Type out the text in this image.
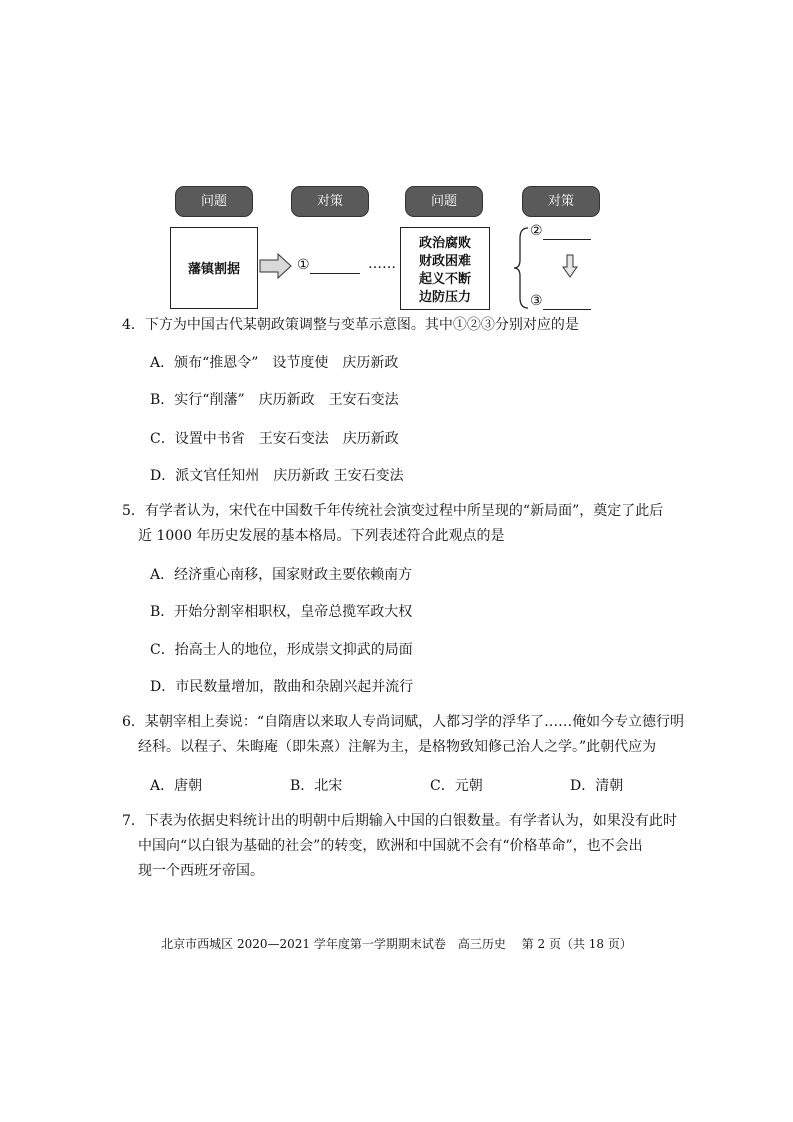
问题	对策	问题	对策
藩镇割据	①	……
政治腐败
财政困难
起义不断
边防压力
②
③
4．下方为中国古代某朝政策调整与变革示意图。其中①②③分别对应的是
A．颁布“推恩令”　设节度使　庆历新政
B．实行“削藩”　庆历新政　王安石变法
C．设置中书省　王安石变法　庆历新政
D．派文官任知州　庆历新政 王安石变法
5．有学者认为，宋代在中国数千年传统社会演变过程中所呈现的“新局面”，奠定了此后
近 1000 年历史发展的基本格局。下列表述符合此观点的是
A．经济重心南移，国家财政主要依赖南方
B．开始分割宰相职权，皇帝总揽军政大权
C．抬高士人的地位，形成崇文抑武的局面
D．市民数量增加，散曲和杂剧兴起并流行
6．某朝宰相上奏说：“自隋唐以来取人专尚词赋，人都习学的浮华了……俺如今专立德行明
经科。以程子、朱晦庵（即朱熹）注解为主，是格物致知修己治人之学。”此朝代应为
A．唐朝	B．北宋	C．元朝	D．清朝
7．下表为依据史料统计出的明朝中后期输入中国的白银数量。有学者认为，如果没有此时
中国向“以白银为基础的社会”的转变，欧洲和中国就不会有“价格革命”，也不会出
现一个西班牙帝国。
北京市西城区 2020—2021 学年度第一学期期末试卷　高三历史　 第 2 页（共 18 页）
